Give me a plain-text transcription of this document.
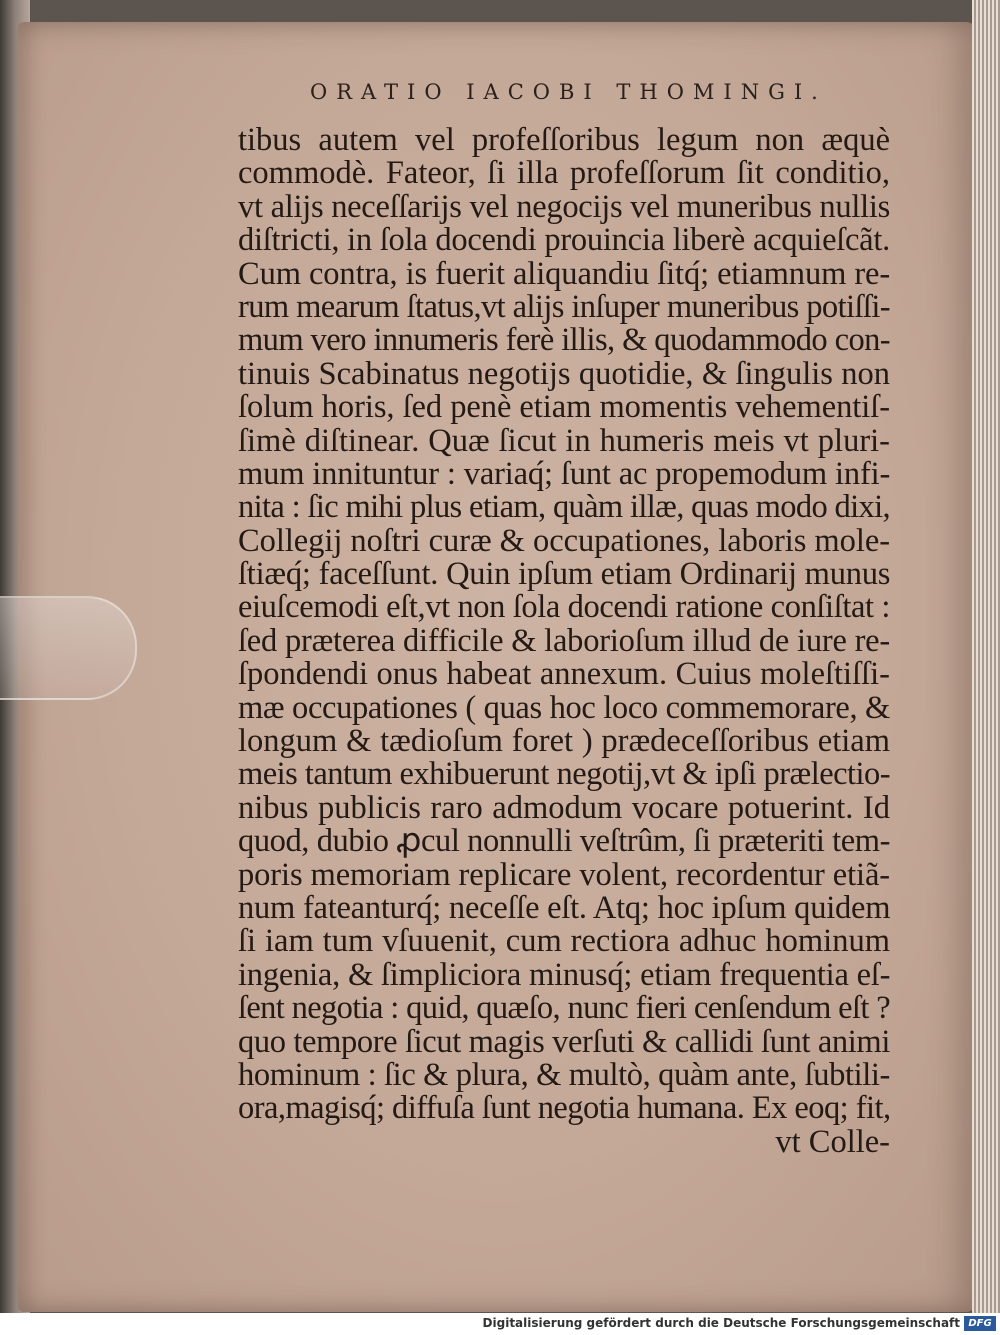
ORATIO IACOBI THOMINGI.
tibus autem vel profeſſoribus legum non æquè
commodè. Fateor, ſi illa profeſſorum ſit conditio,
vt alijs neceſſarijs vel negocijs vel muneribus nullis
diſtricti, in ſola docendi prouincia liberè acquieſcãt.
Cum contra, is fuerit aliquandiu ſitq́; etiamnum re-
rum mearum ſtatus,vt alijs inſuper muneribus potiſſi-
mum vero innumeris ferè illis, & quodammodo con-
tinuis Scabinatus negotijs quotidie, & ſingulis non
ſolum horis, ſed penè etiam momentis vehementiſ-
ſimè diſtinear. Quæ ſicut in humeris meis vt pluri-
mum innituntur : variaq́; ſunt ac propemodum infi-
nita : ſic mihi plus etiam, quàm illæ, quas modo dixi,
Collegij noſtri curæ & occupationes, laboris mole-
ſtiæq́; faceſſunt. Quin ipſum etiam Ordinarij munus
eiuſcemodi eſt,vt non ſola docendi ratione conſiſtat :
ſed præterea difficile & laborioſum illud de iure re-
ſpondendi onus habeat annexum. Cuius moleſtiſſi-
mæ occupationes ( quas hoc loco commemorare, &
longum & tædioſum foret ) prædeceſſoribus etiam
meis tantum exhibuerunt negotij,vt & ipſi prælectio-
nibus publicis raro admodum vocare potuerint. Id
quod, dubio ꝓcul nonnulli veſtrûm, ſi præteriti tem-
poris memoriam replicare volent, recordentur etiã-
num fateanturq́; neceſſe eſt. Atq; hoc ipſum quidem
ſi iam tum vſuuenit, cum rectiora adhuc hominum
ingenia, & ſimpliciora minusq́; etiam frequentia eſ-
ſent negotia : quid, quæſo, nunc fieri cenſendum eſt ?
quo tempore ſicut magis verſuti & callidi ſunt animi
hominum : ſic & plura, & multò, quàm ante, ſubtili-
ora,magisq́; diffuſa ſunt negotia humana. Ex eoq; fit,
vt Colle-
Digitalisierung gefördert durch die Deutsche Forschungsgemeinschaft DFG
